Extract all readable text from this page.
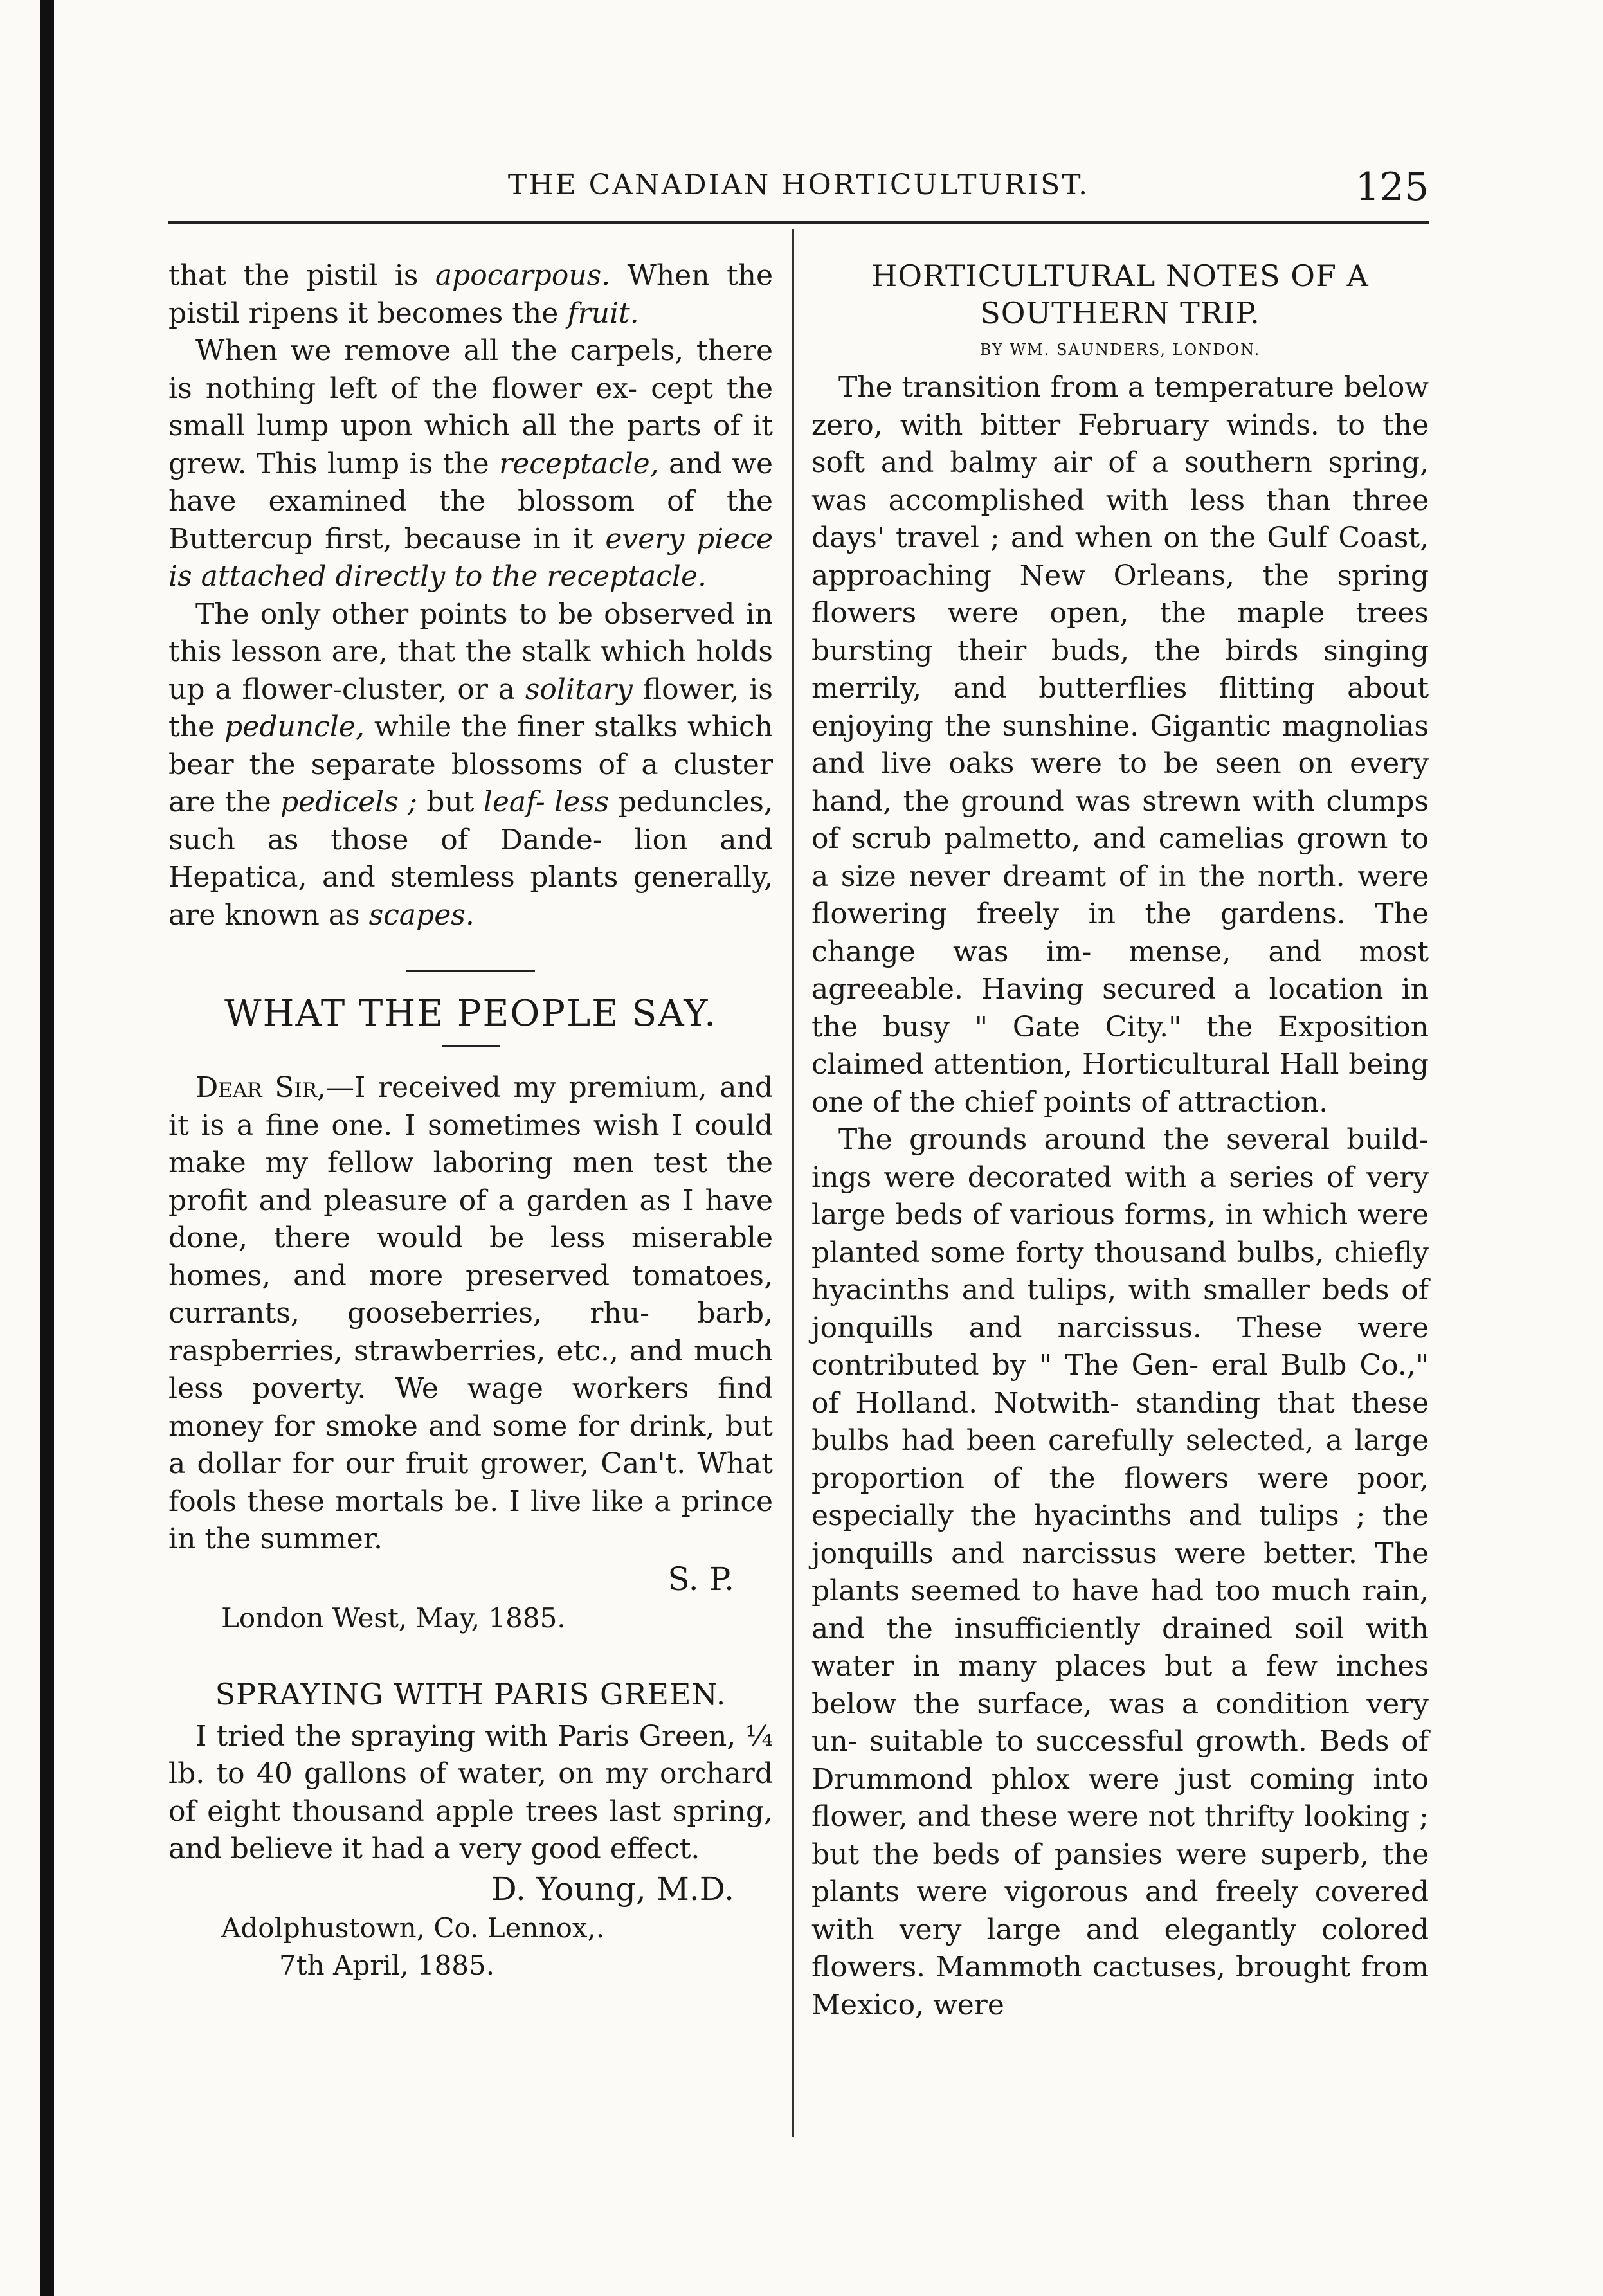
THE CANADIAN HORTICULTURIST.	125

that the pistil is apocarpous. When the pistil ripens it becomes the fruit.

When we remove all the carpels, there is nothing left of the flower ex- cept the small lump upon which all the parts of it grew. This lump is the receptacle, and we have examined the blossom of the Buttercup first, because in it every piece is attached directly to the receptacle.

The only other points to be observed in this lesson are, that the stalk which holds up a flower-cluster, or a solitary flower, is the peduncle, while the finer stalks which bear the separate blossoms of a cluster are the pedicels ; but leaf- less peduncles, such as those of Dande- lion and Hepatica, and stemless plants generally, are known as scapes.

WHAT THE PEOPLE SAY.

Dear Sir,—I received my premium, and it is a fine one. I sometimes wish I could make my fellow laboring men test the profit and pleasure of a garden as I have done, there would be less miserable homes, and more preserved tomatoes, currants, gooseberries, rhu- barb, raspberries, strawberries, etc., and much less poverty. We wage workers find money for smoke and some for drink, but a dollar for our fruit grower, Can't. What fools these mortals be. I live like a prince in the summer.

S. P.

London West, May, 1885.

SPRAYING WITH PARIS GREEN.

I tried the spraying with Paris Green, ¼ lb. to 40 gallons of water, on my orchard of eight thousand apple trees last spring, and believe it had a very good effect.

D. Young, M.D.

Adolphustown, Co. Lennox,.

7th April, 1885.

HORTICULTURAL NOTES OF A SOUTHERN TRIP.
BY WM. SAUNDERS, LONDON.

The transition from a temperature below zero, with bitter February winds. to the soft and balmy air of a southern spring, was accomplished with less than three days' travel ; and when on the Gulf Coast, approaching New Orleans, the spring flowers were open, the maple trees bursting their buds, the birds singing merrily, and butterflies flitting about enjoying the sunshine. Gigantic magnolias and live oaks were to be seen on every hand, the ground was strewn with clumps of scrub palmetto, and camelias grown to a size never dreamt of in the north. were flowering freely in the gardens. The change was im- mense, and most agreeable. Having secured a location in the busy " Gate City." the Exposition claimed attention, Horticultural Hall being one of the chief points of attraction.

The grounds around the several build- ings were decorated with a series of very large beds of various forms, in which were planted some forty thousand bulbs, chiefly hyacinths and tulips, with smaller beds of jonquills and narcissus. These were contributed by " The Gen- eral Bulb Co.," of Holland. Notwith- standing that these bulbs had been carefully selected, a large proportion of the flowers were poor, especially the hyacinths and tulips ; the jonquills and narcissus were better. The plants seemed to have had too much rain, and the insufficiently drained soil with water in many places but a few inches below the surface, was a condition very un- suitable to successful growth. Beds of Drummond phlox were just coming into flower, and these were not thrifty looking ; but the beds of pansies were superb, the plants were vigorous and freely covered with very large and elegantly colored flowers. Mammoth cactuses, brought from Mexico, were
